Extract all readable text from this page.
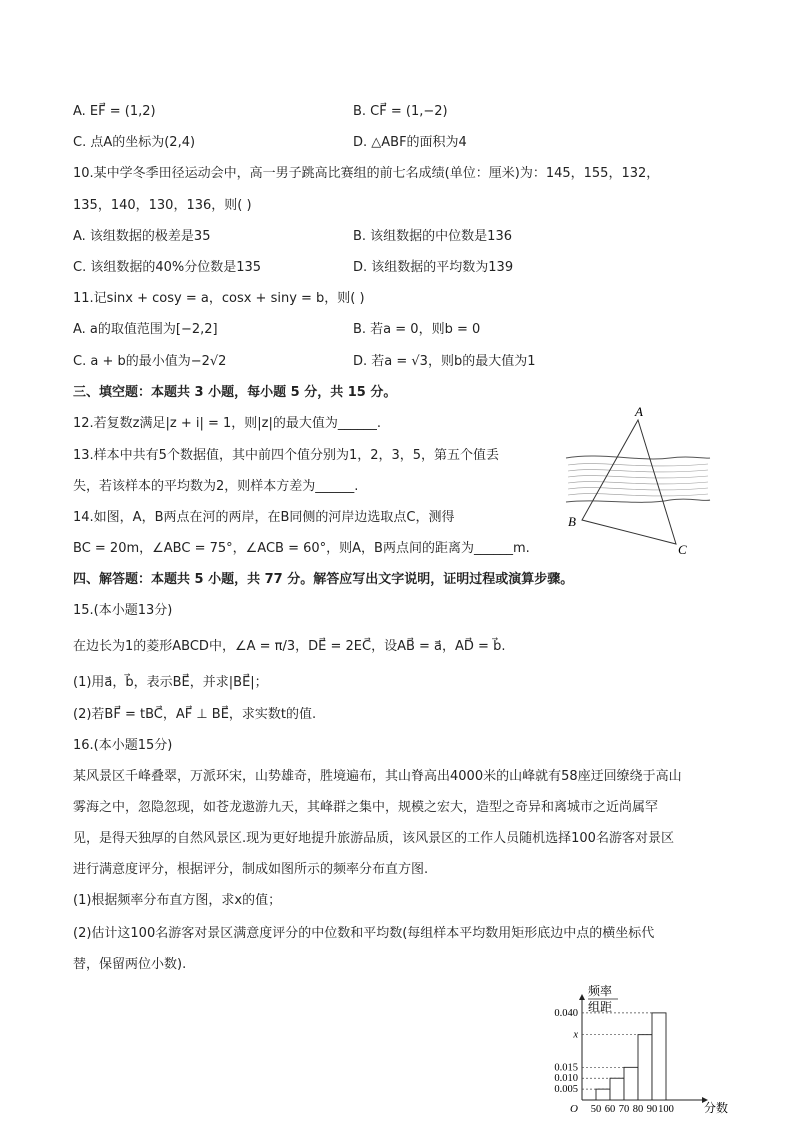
A. EF⃗ = (1,2)	B. CF⃗ = (1,−2)
C. 点A的坐标为(2,4)	D. △ABF的面积为4
10.某中学冬季田径运动会中，高一男子跳高比赛组的前七名成绩(单位：厘米)为：145，155，132，
135，140，130，136，则( )
A. 该组数据的极差是35	B. 该组数据的中位数是136
C. 该组数据的40%分位数是135	D. 该组数据的平均数为139
11.记sinx + cosy = a，cosx + siny = b，则( )
A. a的取值范围为[−2,2]	B. 若a = 0，则b = 0
C. a + b的最小值为−2√2	D. 若a = √3，则b的最大值为1
三、填空题：本题共 3 小题，每小题 5 分，共 15 分。
12.若复数z满足|z + i| = 1，则|z|的最大值为______.
13.样本中共有5个数据值，其中前四个值分别为1，2，3，5，第五个值丢
失，若该样本的平均数为2，则样本方差为______.
14.如图，A，B两点在河的两岸，在B同侧的河岸边选取点C，测得
BC = 20m，∠ABC = 75°，∠ACB = 60°，则A，B两点间的距离为______m.
A
B
C
四、解答题：本题共 5 小题，共 77 分。解答应写出文字说明，证明过程或演算步骤。
15.(本小题13分)
在边长为1的菱形ABCD中，∠A = π/3，DE⃗ = 2EC⃗，设AB⃗ = a⃗，AD⃗ = b⃗.
(1)用a⃗，b⃗，表示BE⃗，并求|BE⃗|；
(2)若BF⃗ = tBC⃗，AF⃗ ⊥ BE⃗，求实数t的值.
16.(本小题15分)
某风景区千峰叠翠，万派环宋，山势雄奇，胜境遍布，其山脊高出4000米的山峰就有58座迂回缭绕于高山
雾海之中，忽隐忽现，如苍龙遨游九天，其峰群之集中，规模之宏大，造型之奇异和离城市之近尚属罕
见，是得天独厚的自然风景区.现为更好地提升旅游品质，该风景区的工作人员随机选择100名游客对景区
进行满意度评分，根据评分，制成如图所示的频率分布直方图.
(1)根据频率分布直方图，求x的值；
(2)估计这100名游客对景区满意度评分的中位数和平均数(每组样本平均数用矩形底边中点的横坐标代
替，保留两位小数).
频率
组距
O	分数
0.005
0.010
0.015
x
0.040
50 60 70 80 90 100
